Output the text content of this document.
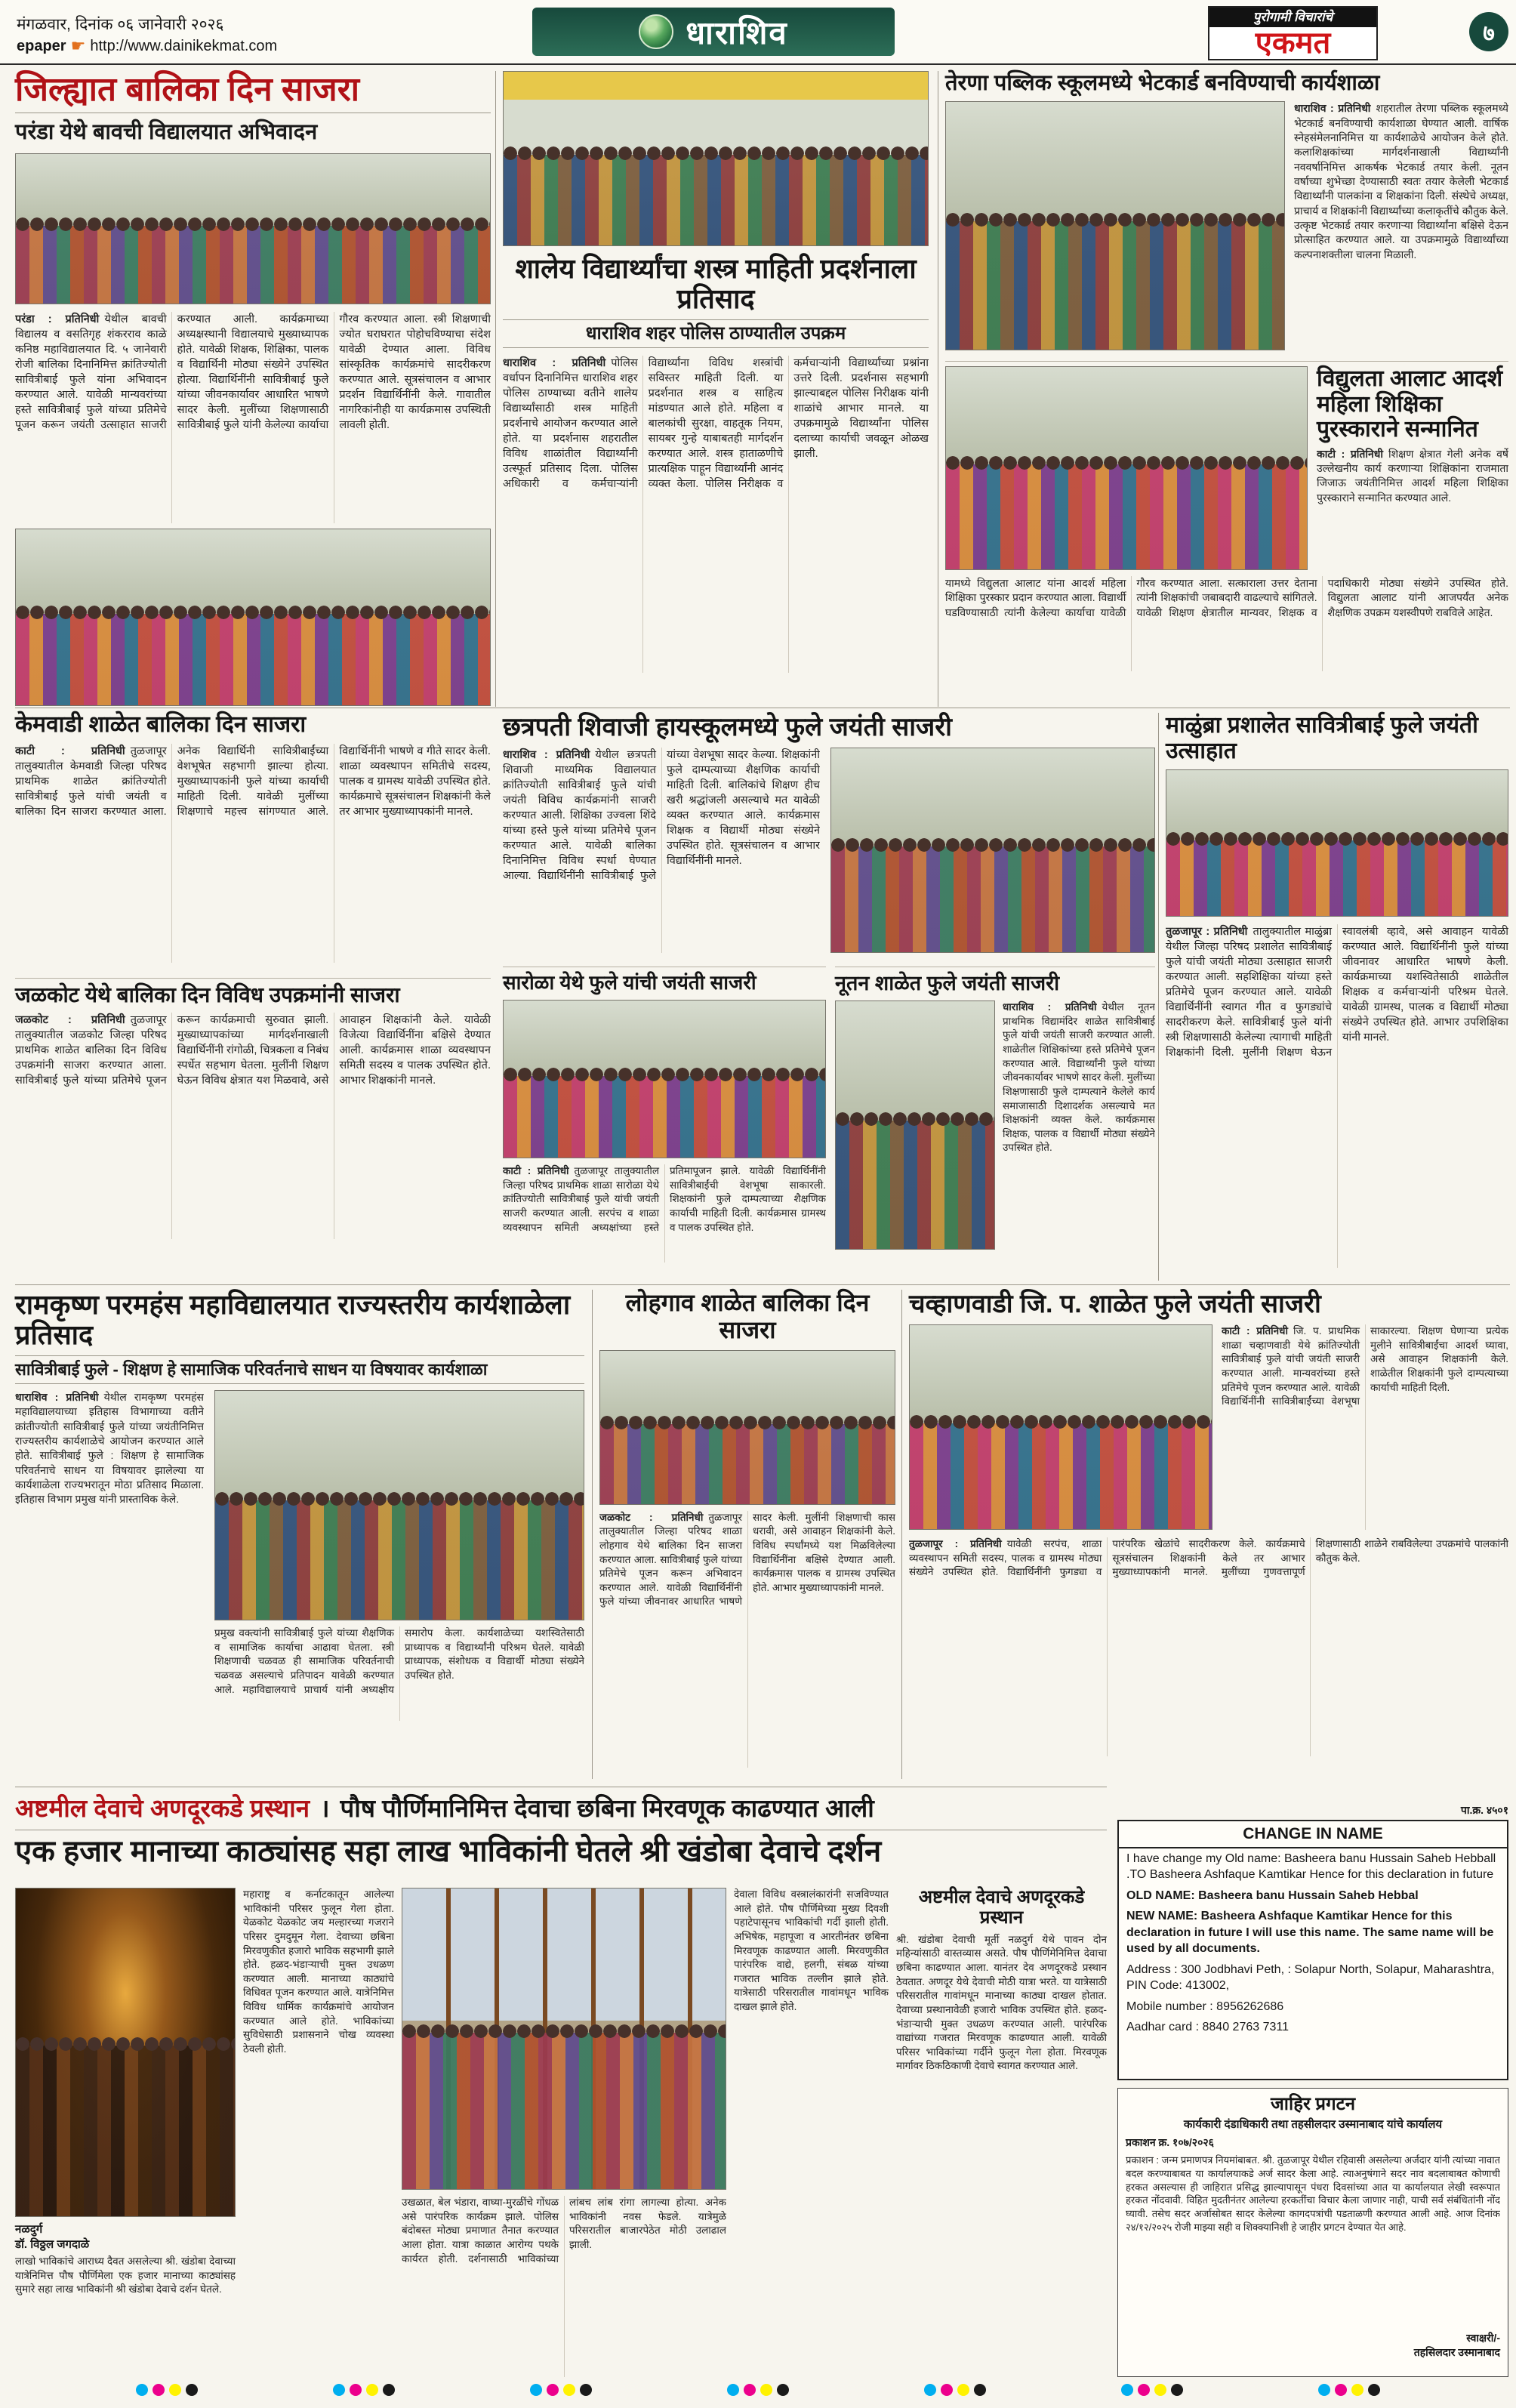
मंगळवार, दिनांक ०६ जानेवारी २०२६
epaper ☛ http://www.dainikekmat.com	धाराशिव	पुरोगामी विचारांचे
एकमत	७
जिल्ह्यात बालिका दिन साजरा
परंडा येथे बावची विद्यालयात अभिवादन
परंडा : प्रतिनिधी येथील बावची विद्यालय व वसतिगृह शंकरराव काळे कनिष्ठ महाविद्यालयात दि. ५ जानेवारी रोजी बालिका दिनानिमित्त क्रांतिज्योती सावित्रीबाई फुले यांना अभिवादन करण्यात आले. यावेळी मान्यवरांच्या हस्ते सावित्रीबाई फुले यांच्या प्रतिमेचे पूजन करून जयंती उत्साहात साजरी करण्यात आली. कार्यक्रमाच्या अध्यक्षस्थानी विद्यालयाचे मुख्याध्यापक होते. यावेळी शिक्षक, शिक्षिका, पालक व विद्यार्थिनी मोठ्या संख्येने उपस्थित होत्या. विद्यार्थिनींनी सावित्रीबाई फुले यांच्या जीवनकार्यावर आधारित भाषणे सादर केली. मुलींच्या शिक्षणासाठी सावित्रीबाई फुले यांनी केलेल्या कार्याचा गौरव करण्यात आला. स्त्री शिक्षणाची ज्योत घराघरात पोहोचविण्याचा संदेश यावेळी देण्यात आला. विविध सांस्कृतिक कार्यक्रमांचे सादरीकरण करण्यात आले. सूत्रसंचालन व आभार प्रदर्शन विद्यार्थिनींनी केले. गावातील नागरिकांनीही या कार्यक्रमास उपस्थिती लावली होती.
केमवाडी शाळेत बालिका दिन साजरा
काटी : प्रतिनिधी तुळजापूर तालुक्यातील केमवाडी जिल्हा परिषद प्राथमिक शाळेत क्रांतिज्योती सावित्रीबाई फुले यांची जयंती व बालिका दिन साजरा करण्यात आला. अनेक विद्यार्थिनी सावित्रीबाईंच्या वेशभूषेत सहभागी झाल्या होत्या. मुख्याध्यापकांनी फुले यांच्या कार्याची माहिती दिली. यावेळी मुलींच्या शिक्षणाचे महत्त्व सांगण्यात आले. विद्यार्थिनींनी भाषणे व गीते सादर केली. शाळा व्यवस्थापन समितीचे सदस्य, पालक व ग्रामस्थ यावेळी उपस्थित होते. कार्यक्रमाचे सूत्रसंचालन शिक्षकांनी केले तर आभार मुख्याध्यापकांनी मानले.
जळकोट येथे बालिका दिन विविध उपक्रमांनी साजरा
जळकोट : प्रतिनिधी तुळजापूर तालुक्यातील जळकोट जिल्हा परिषद प्राथमिक शाळेत बालिका दिन विविध उपक्रमांनी साजरा करण्यात आला. सावित्रीबाई फुले यांच्या प्रतिमेचे पूजन करून कार्यक्रमाची सुरुवात झाली. मुख्याध्यापकांच्या मार्गदर्शनाखाली विद्यार्थिनींनी रांगोळी, चित्रकला व निबंध स्पर्धेत सहभाग घेतला. मुलींनी शिक्षण घेऊन विविध क्षेत्रात यश मिळवावे, असे आवाहन शिक्षकांनी केले. यावेळी विजेत्या विद्यार्थिनींना बक्षिसे देण्यात आली. कार्यक्रमास शाळा व्यवस्थापन समिती सदस्य व पालक उपस्थित होते. आभार शिक्षकांनी मानले.
शालेय विद्यार्थ्यांचा शस्त्र माहिती प्रदर्शनाला प्रतिसाद
धाराशिव शहर पोलिस ठाण्यातील उपक्रम
धाराशिव : प्रतिनिधी पोलिस वर्धापन दिनानिमित्त धाराशिव शहर पोलिस ठाण्याच्या वतीने शालेय विद्यार्थ्यांसाठी शस्त्र माहिती प्रदर्शनाचे आयोजन करण्यात आले होते. या प्रदर्शनास शहरातील विविध शाळांतील विद्यार्थ्यांनी उत्स्फूर्त प्रतिसाद दिला. पोलिस अधिकारी व कर्मचाऱ्यांनी विद्यार्थ्यांना विविध शस्त्रांची सविस्तर माहिती दिली. या प्रदर्शनात शस्त्र व साहित्य मांडण्यात आले होते. महिला व बालकांची सुरक्षा, वाहतूक नियम, सायबर गुन्हे याबाबतही मार्गदर्शन करण्यात आले. शस्त्र हाताळणीचे प्रात्यक्षिक पाहून विद्यार्थ्यांनी आनंद व्यक्त केला. पोलिस निरीक्षक व कर्मचाऱ्यांनी विद्यार्थ्यांच्या प्रश्नांना उत्तरे दिली. प्रदर्शनास सहभागी झाल्याबद्दल पोलिस निरीक्षक यांनी शाळांचे आभार मानले. या उपक्रमामुळे विद्यार्थ्यांना पोलिस दलाच्या कार्याची जवळून ओळख झाली.
तेरणा पब्लिक स्कूलमध्ये भेटकार्ड बनविण्याची कार्यशाळा
धाराशिव : प्रतिनिधी शहरातील तेरणा पब्लिक स्कूलमध्ये भेटकार्ड बनविण्याची कार्यशाळा घेण्यात आली. वार्षिक स्नेहसंमेलनानिमित्त या कार्यशाळेचे आयोजन केले होते. कलाशिक्षकांच्या मार्गदर्शनाखाली विद्यार्थ्यांनी नववर्षानिमित्त आकर्षक भेटकार्ड तयार केली. नूतन वर्षाच्या शुभेच्छा देण्यासाठी स्वतः तयार केलेली भेटकार्ड विद्यार्थ्यांनी पालकांना व शिक्षकांना दिली. संस्थेचे अध्यक्ष, प्राचार्य व शिक्षकांनी विद्यार्थ्यांच्या कलाकृतींचे कौतुक केले. उत्कृष्ट भेटकार्ड तयार करणाऱ्या विद्यार्थ्यांना बक्षिसे देऊन प्रोत्साहित करण्यात आले. या उपक्रमामुळे विद्यार्थ्यांच्या कल्पनाशक्तीला चालना मिळाली.
विद्युलता आलाट आदर्श महिला शिक्षिका पुरस्काराने सन्मानित
काटी : प्रतिनिधी शिक्षण क्षेत्रात गेली अनेक वर्षे उल्लेखनीय कार्य करणाऱ्या शिक्षिकांना राजमाता जिजाऊ जयंतीनिमित्त आदर्श महिला शिक्षिका पुरस्काराने सन्मानित करण्यात आले.
यामध्ये विद्युलता आलाट यांना आदर्श महिला शिक्षिका पुरस्कार प्रदान करण्यात आला. विद्यार्थी घडविण्यासाठी त्यांनी केलेल्या कार्याचा यावेळी गौरव करण्यात आला. सत्काराला उत्तर देताना त्यांनी शिक्षकांची जबाबदारी वाढल्याचे सांगितले. यावेळी शिक्षण क्षेत्रातील मान्यवर, शिक्षक व पदाधिकारी मोठ्या संख्येने उपस्थित होते. विद्युलता आलाट यांनी आजपर्यंत अनेक शैक्षणिक उपक्रम यशस्वीपणे राबविले आहेत.
छत्रपती शिवाजी हायस्कूलमध्ये फुले जयंती साजरी
धाराशिव : प्रतिनिधी येथील छत्रपती शिवाजी माध्यमिक विद्यालयात क्रांतिज्योती सावित्रीबाई फुले यांची जयंती विविध कार्यक्रमांनी साजरी करण्यात आली. शिक्षिका उज्वला शिंदे यांच्या हस्ते फुले यांच्या प्रतिमेचे पूजन करण्यात आले. यावेळी बालिका दिनानिमित्त विविध स्पर्धा घेण्यात आल्या. विद्यार्थिनींनी सावित्रीबाई फुले यांच्या वेशभूषा सादर केल्या. शिक्षकांनी फुले दाम्पत्याच्या शैक्षणिक कार्याची माहिती दिली. बालिकांचे शिक्षण हीच खरी श्रद्धांजली असल्याचे मत यावेळी व्यक्त करण्यात आले. कार्यक्रमास शिक्षक व विद्यार्थी मोठ्या संख्येने उपस्थित होते. सूत्रसंचालन व आभार विद्यार्थिनींनी मानले.
सारोळा येथे फुले यांची जयंती साजरी
काटी : प्रतिनिधी तुळजापूर तालुक्यातील जिल्हा परिषद प्राथमिक शाळा सारोळा येथे क्रांतिज्योती सावित्रीबाई फुले यांची जयंती साजरी करण्यात आली. सरपंच व शाळा व्यवस्थापन समिती अध्यक्षांच्या हस्ते प्रतिमापूजन झाले. यावेळी विद्यार्थिनींनी सावित्रीबाईंची वेशभूषा साकारली. शिक्षकांनी फुले दाम्पत्याच्या शैक्षणिक कार्याची माहिती दिली. कार्यक्रमास ग्रामस्थ व पालक उपस्थित होते.
नूतन शाळेत फुले जयंती साजरी
धाराशिव : प्रतिनिधी येथील नूतन प्राथमिक विद्यामंदिर शाळेत सावित्रीबाई फुले यांची जयंती साजरी करण्यात आली. शाळेतील शिक्षिकांच्या हस्ते प्रतिमेचे पूजन करण्यात आले. विद्यार्थ्यांनी फुले यांच्या जीवनकार्यावर भाषणे सादर केली. मुलींच्या शिक्षणासाठी फुले दाम्पत्याने केलेले कार्य समाजासाठी दिशादर्शक असल्याचे मत शिक्षकांनी व्यक्त केले. कार्यक्रमास शिक्षक, पालक व विद्यार्थी मोठ्या संख्येने उपस्थित होते.
माळुंब्रा प्रशालेत सावित्रीबाई फुले जयंती उत्साहात
तुळजापूर : प्रतिनिधी तालुक्यातील माळुंब्रा येथील जिल्हा परिषद प्रशालेत सावित्रीबाई फुले यांची जयंती मोठ्या उत्साहात साजरी करण्यात आली. सहशिक्षिका यांच्या हस्ते प्रतिमेचे पूजन करण्यात आले. यावेळी विद्यार्थिनींनी स्वागत गीत व फुगड्यांचे सादरीकरण केले. सावित्रीबाई फुले यांनी स्त्री शिक्षणासाठी केलेल्या त्यागाची माहिती शिक्षकांनी दिली. मुलींनी शिक्षण घेऊन स्वावलंबी व्हावे, असे आवाहन यावेळी करण्यात आले. विद्यार्थिनींनी फुले यांच्या जीवनावर आधारित भाषणे केली. कार्यक्रमाच्या यशस्वितेसाठी शाळेतील शिक्षक व कर्मचाऱ्यांनी परिश्रम घेतले. यावेळी ग्रामस्थ, पालक व विद्यार्थी मोठ्या संख्येने उपस्थित होते. आभार उपशिक्षिका यांनी मानले.
रामकृष्ण परमहंस महाविद्यालयात राज्यस्तरीय कार्यशाळेला प्रतिसाद
सावित्रीबाई फुले - शिक्षण हे सामाजिक परिवर्तनाचे साधन या विषयावर कार्यशाळा
धाराशिव : प्रतिनिधी येथील रामकृष्ण परमहंस महाविद्यालयाच्या इतिहास विभागाच्या वतीने क्रांतीज्योती सावित्रीबाई फुले यांच्या जयंतीनिमित्त राज्यस्तरीय कार्यशाळेचे आयोजन करण्यात आले होते. सावित्रीबाई फुले : शिक्षण हे सामाजिक परिवर्तनाचे साधन या विषयावर झालेल्या या कार्यशाळेला राज्यभरातून मोठा प्रतिसाद मिळाला. इतिहास विभाग प्रमुख यांनी प्रास्ताविक केले.
प्रमुख वक्त्यांनी सावित्रीबाई फुले यांच्या शैक्षणिक व सामाजिक कार्याचा आढावा घेतला. स्त्री शिक्षणाची चळवळ ही सामाजिक परिवर्तनाची चळवळ असल्याचे प्रतिपादन यावेळी करण्यात आले. महाविद्यालयाचे प्राचार्य यांनी अध्यक्षीय समारोप केला. कार्यशाळेच्या यशस्वितेसाठी प्राध्यापक व विद्यार्थ्यांनी परिश्रम घेतले. यावेळी प्राध्यापक, संशोधक व विद्यार्थी मोठ्या संख्येने उपस्थित होते.
लोहगाव शाळेत बालिका दिन साजरा
जळकोट : प्रतिनिधी तुळजापूर तालुक्यातील जिल्हा परिषद शाळा लोहगाव येथे बालिका दिन साजरा करण्यात आला. सावित्रीबाई फुले यांच्या प्रतिमेचे पूजन करून अभिवादन करण्यात आले. यावेळी विद्यार्थिनींनी फुले यांच्या जीवनावर आधारित भाषणे सादर केली. मुलींनी शिक्षणाची कास धरावी, असे आवाहन शिक्षकांनी केले. विविध स्पर्धांमध्ये यश मिळविलेल्या विद्यार्थिनींना बक्षिसे देण्यात आली. कार्यक्रमास पालक व ग्रामस्थ उपस्थित होते. आभार मुख्याध्यापकांनी मानले.
चव्हाणवाडी जि. प. शाळेत फुले जयंती साजरी
काटी : प्रतिनिधी जि. प. प्राथमिक शाळा चव्हाणवाडी येथे क्रांतिज्योती सावित्रीबाई फुले यांची जयंती साजरी करण्यात आली. मान्यवरांच्या हस्ते प्रतिमेचे पूजन करण्यात आले. यावेळी विद्यार्थिनींनी सावित्रीबाईंच्या वेशभूषा साकारल्या. शिक्षण घेणाऱ्या प्रत्येक मुलीने सावित्रीबाईंचा आदर्श घ्यावा, असे आवाहन शिक्षकांनी केले. शाळेतील शिक्षकांनी फुले दाम्पत्याच्या कार्याची माहिती दिली.
तुळजापूर : प्रतिनिधी यावेळी सरपंच, शाळा व्यवस्थापन समिती सदस्य, पालक व ग्रामस्थ मोठ्या संख्येने उपस्थित होते. विद्यार्थिनींनी फुगड्या व पारंपरिक खेळांचे सादरीकरण केले. कार्यक्रमाचे सूत्रसंचालन शिक्षकांनी केले तर आभार मुख्याध्यापकांनी मानले. मुलींच्या गुणवत्तापूर्ण शिक्षणासाठी शाळेने राबविलेल्या उपक्रमांचे पालकांनी कौतुक केले.
अष्टमील देवाचे अणदूरकडे प्रस्थान । पौष पौर्णिमानिमित्त देवाचा छबिना मिरवणूक काढण्यात आली
एक हजार मानाच्या काठ्यांसह सहा लाख भाविकांनी घेतले श्री खंडोबा देवाचे दर्शन
नळदुर्ग
डॉ. विठ्ठल जगदाळे
लाखो भाविकांचे आराध्य दैवत असलेल्या श्री. खंडोबा देवाच्या यात्रेनिमित्त पौष पौर्णिमेला एक हजार मानाच्या काठ्यांसह सुमारे सहा लाख भाविकांनी श्री खंडोबा देवाचे दर्शन घेतले.
महाराष्ट्र व कर्नाटकातून आलेल्या भाविकांनी परिसर फुलून गेला होता. येळकोट येळकोट जय मल्हारच्या गजराने परिसर दुमदुमून गेला. देवाच्या छबिना मिरवणुकीत हजारो भाविक सहभागी झाले होते. हळद-भंडाऱ्याची मुक्त उधळण करण्यात आली. मानाच्या काठ्यांचे विधिवत पूजन करण्यात आले. यात्रेनिमित्त विविध धार्मिक कार्यक्रमांचे आयोजन करण्यात आले होते. भाविकांच्या सुविधेसाठी प्रशासनाने चोख व्यवस्था ठेवली होती.
उखळात, बेल भंडारा, वाघ्या-मुरळींचे गोंधळ असे पारंपरिक कार्यक्रम झाले. पोलिस बंदोबस्त मोठ्या प्रमाणात तैनात करण्यात आला होता. यात्रा काळात आरोग्य पथके कार्यरत होती. दर्शनासाठी भाविकांच्या लांबच लांब रांगा लागल्या होत्या. अनेक भाविकांनी नवस फेडले. यात्रेमुळे परिसरातील बाजारपेठेत मोठी उलाढाल झाली.
देवाला विविध वस्त्रालंकारांनी सजविण्यात आले होते. पौष पौर्णिमेच्या मुख्य दिवशी पहाटेपासूनच भाविकांची गर्दी झाली होती. अभिषेक, महापूजा व आरतीनंतर छबिना मिरवणूक काढण्यात आली. मिरवणुकीत पारंपरिक वाद्ये, हलगी, संबळ यांच्या गजरात भाविक तल्लीन झाले होते. यात्रेसाठी परिसरातील गावांमधून भाविक दाखल झाले होते.
अष्टमील देवाचे अणदूरकडे प्रस्थान
श्री. खंडोबा देवाची मूर्ती नळदुर्ग येथे पावन दोन महिन्यांसाठी वास्तव्यास असते. पौष पौर्णिमेनिमित्त देवाचा छबिना काढण्यात आला. यानंतर देव अणदूरकडे प्रस्थान ठेवतात. अणदूर येथे देवाची मोठी यात्रा भरते. या यात्रेसाठी परिसरातील गावांमधून मानाच्या काठ्या दाखल होतात. देवाच्या प्रस्थानावेळी हजारो भाविक उपस्थित होते. हळद-भंडाऱ्याची मुक्त उधळण करण्यात आली. पारंपरिक वाद्यांच्या गजरात मिरवणूक काढण्यात आली. यावेळी परिसर भाविकांच्या गर्दीने फुलून गेला होता. मिरवणूक मार्गावर ठिकठिकाणी देवाचे स्वागत करण्यात आले.
पा.क्र. ४५०१
CHANGE IN NAME

I have change my Old name: Basheera banu Hussain Saheb Hebball .TO Basheera Ashfaque Kamtikar Hence for this declaration in future

OLD NAME: Basheera banu Hussain Saheb Hebbal

NEW NAME: Basheera Ashfaque Kamtikar Hence for this declaration in future I will use this name. The same name will be used by all documents.

Address : 300 Jodbhavi Peth, : Solapur North, Solapur, Maharashtra, PIN Code: 413002,

Mobile number : 8956262686

Aadhar card : 8840 2763 7311

जाहिर प्रगटन
कार्यकारी दंडाधिकारी तथा तहसीलदार उस्मानाबाद यांचे कार्यालय
प्रकाशन क्र. १०७/२०२६
प्रकाशन : जन्म प्रमाणपत्र नियमांबाबत. श्री. तुळजापूर येथील रहिवासी असलेल्या अर्जदार यांनी त्यांच्या नावात बदल करण्याबाबत या कार्यालयाकडे अर्ज सादर केला आहे. त्याअनुषंगाने सदर नाव बदलाबाबत कोणाची हरकत असल्यास ही जाहिरात प्रसिद्ध झाल्यापासून पंधरा दिवसांच्या आत या कार्यालयात लेखी स्वरूपात हरकत नोंदवावी. विहित मुदतीनंतर आलेल्या हरकतींचा विचार केला जाणार नाही, याची सर्व संबंधितांनी नोंद घ्यावी. तसेच सदर अर्जासोबत सादर केलेल्या कागदपत्रांची पडताळणी करण्यात आली आहे. आज दिनांक २४/१२/२०२५ रोजी माझ्या सही व शिक्क्यानिशी हे जाहीर प्रगटन देण्यात येत आहे.
स्वाक्षरी/-
तहसिलदार उस्मानाबाद
